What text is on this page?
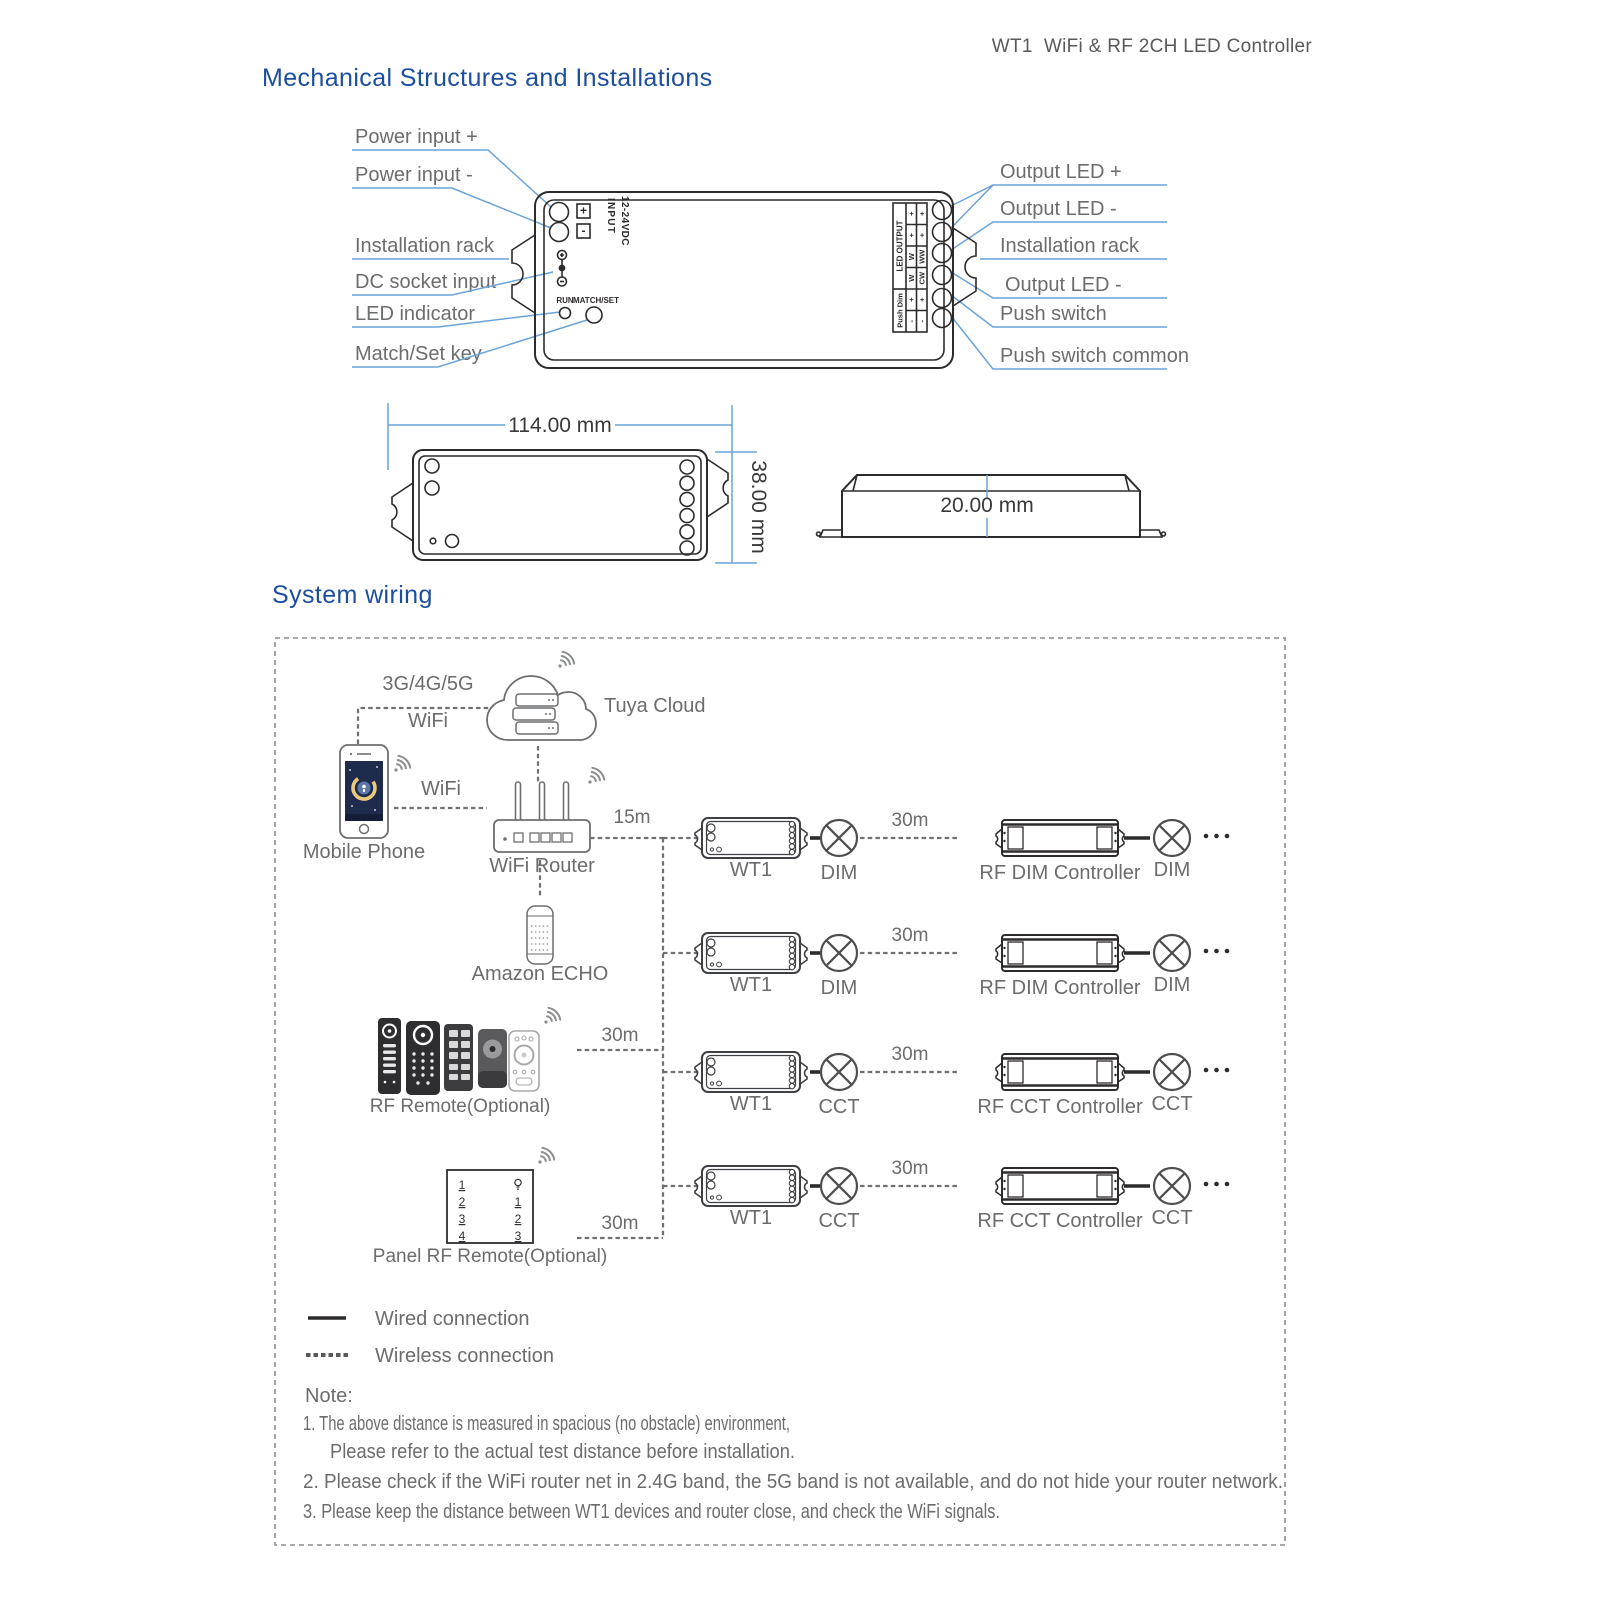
WT1  WiFi & RF 2CH LED Controller
Mechanical Structures and Installations
System wiring
Power input +
Power input -
Installation rack
DC socket input
LED indicator
Match/Set key
Output LED +
Output LED -
Installation rack
Output LED -
Push switch
Push switch common
+
- INPUT 12-24VDC
RUN MATCH/SET
LED OUTPUT
Push Dim
+ +
+ +
W WW
W CW
+ +
- -
114.00 mm
38.00 mm	20.00 mm
3G/4G/5G
WiFi
Tuya Cloud
Mobile Phone
WiFi
WiFi Router
Amazon ECHO
15m
RF Remote(Optional)
30m
1
2
3
4
1
2
3
Panel RF Remote(Optional)
30m
WT1 DIM
30m
RF DIM Controller DIM
WT1 DIM
30m
RF DIM Controller DIM
WT1 CCT
30m
RF CCT Controller CCT
WT1 CCT
30m
RF CCT Controller CCT
Wired connection
Wireless connection
Note:
1. The above distance is measured in spacious (no obstacle) environment,
Please refer to the actual test distance before installation.
2. Please check if the WiFi router net in 2.4G band, the 5G band is not available, and do not hide your router network.
3. Please keep the distance between WT1 devices and router close, and check the WiFi signals.
